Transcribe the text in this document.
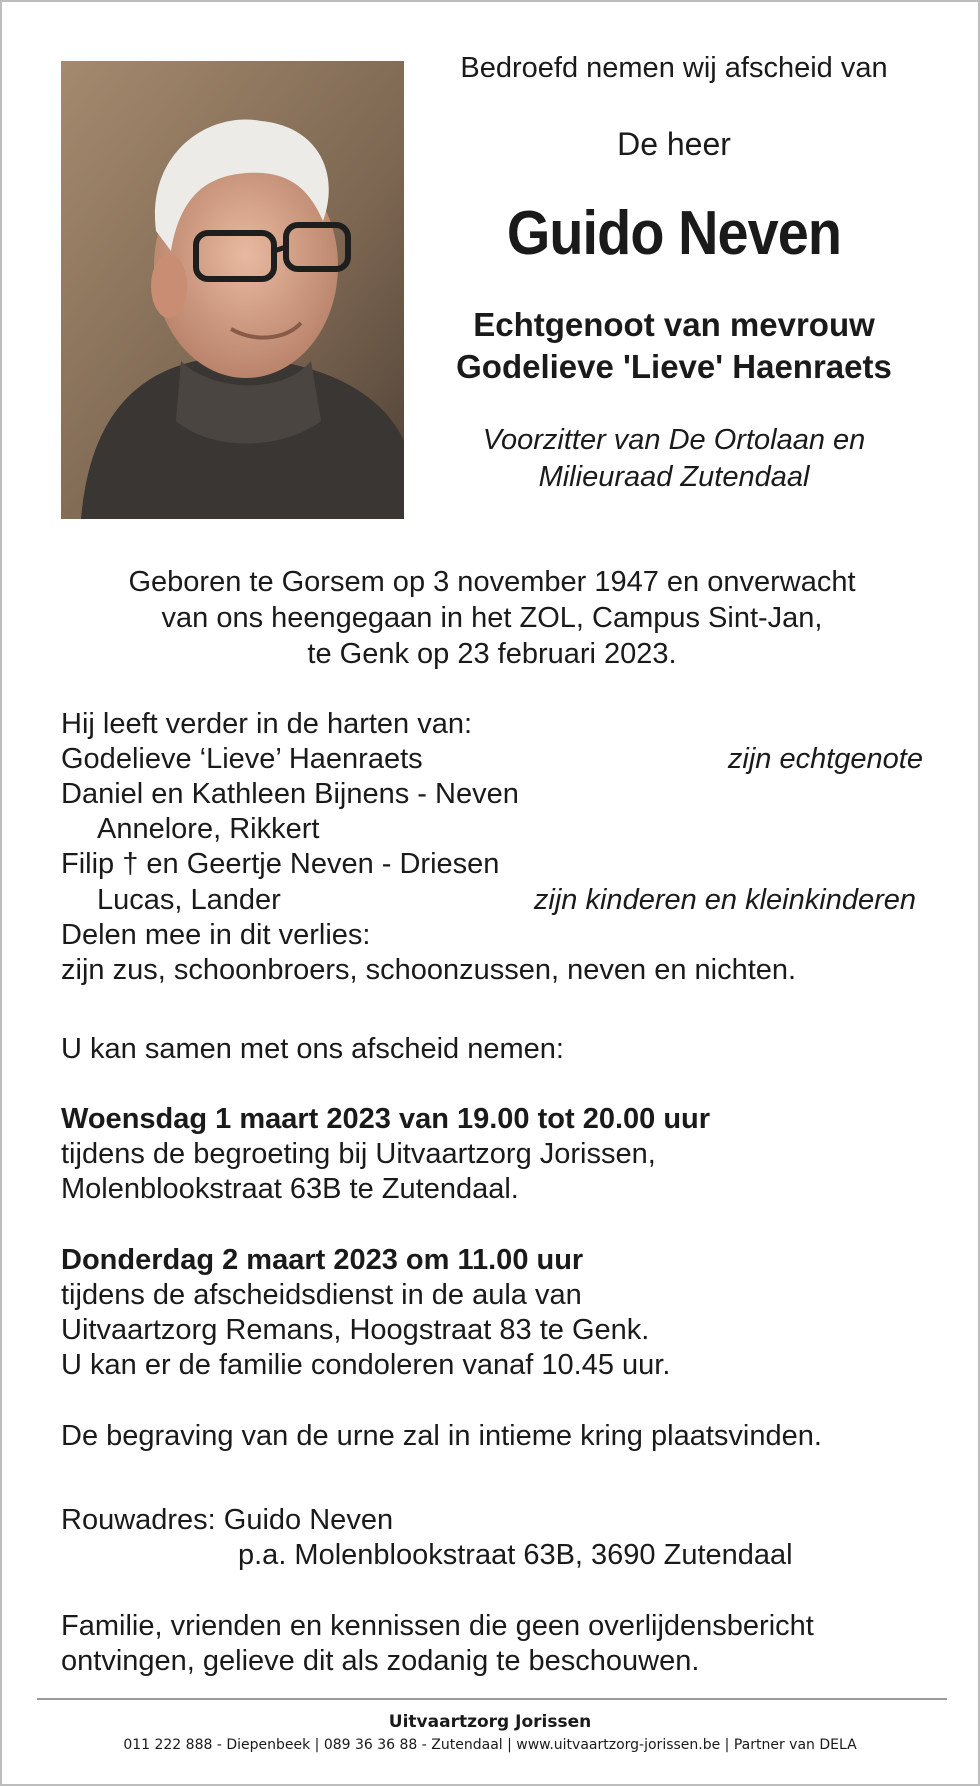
Bedroefd nemen wij afscheid van
De heer
Guido Neven
Echtgenoot van mevrouw
Godelieve 'Lieve' Haenraets
Voorzitter van De Ortolaan en
Milieuraad Zutendaal
Geboren te Gorsem op 3 november 1947 en onverwacht
van ons heengegaan in het ZOL, Campus Sint-Jan,
te Genk op 23 februari 2023.
Hij leeft verder in de harten van:
Godelieve ‘Lieve’ Haenraets	zijn echtgenote
Daniel en Kathleen Bijnens - Neven
Annelore, Rikkert
Filip † en Geertje Neven - Driesen
Lucas, Lander	zijn kinderen en kleinkinderen
Delen mee in dit verlies:
zijn zus, schoonbroers, schoonzussen, neven en nichten.
U kan samen met ons afscheid nemen:
Woensdag 1 maart 2023 van 19.00 tot 20.00 uur
tijdens de begroeting bij Uitvaartzorg Jorissen,
Molenblookstraat 63B te Zutendaal.
Donderdag 2 maart 2023 om 11.00 uur
tijdens de afscheidsdienst in de aula van
Uitvaartzorg Remans, Hoogstraat 83 te Genk.
U kan er de familie condoleren vanaf 10.45 uur.
De begraving van de urne zal in intieme kring plaatsvinden.
Rouwadres: Guido Neven
p.a. Molenblookstraat 63B, 3690 Zutendaal
Familie, vrienden en kennissen die geen overlijdensbericht
ontvingen, gelieve dit als zodanig te beschouwen.
Uitvaartzorg Jorissen
011 222 888 - Diepenbeek | 089 36 36 88 - Zutendaal | www.uitvaartzorg-jorissen.be | Partner van DELA
